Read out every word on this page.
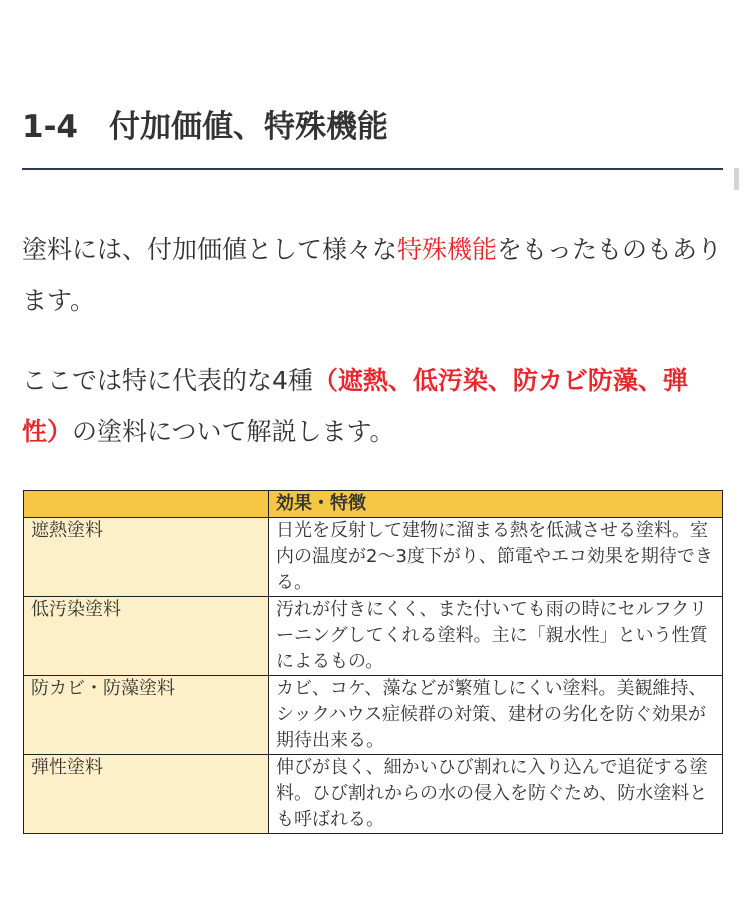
1-4　付加価値、特殊機能

塗料には、付加価値として様々な特殊機能をもったものもあります。

ここでは特に代表的な4種（遮熱、低汚染、防カビ防藻、弾性）の塗料について解説します。

	効果・特徴
遮熱塗料	日光を反射して建物に溜まる熱を低減させる塗料。室内の温度が2〜3度下がり、節電やエコ効果を期待できる。
低汚染塗料	汚れが付きにくく、また付いても雨の時にセルフクリーニングしてくれる塗料。主に「親水性」という性質によるもの。
防カビ・防藻塗料	カビ、コケ、藻などが繁殖しにくい塗料。美観維持、シックハウス症候群の対策、建材の劣化を防ぐ効果が期待出来る。
弾性塗料	伸びが良く、細かいひび割れに入り込んで追従する塗料。ひび割れからの水の侵入を防ぐため、防水塗料とも呼ばれる。
